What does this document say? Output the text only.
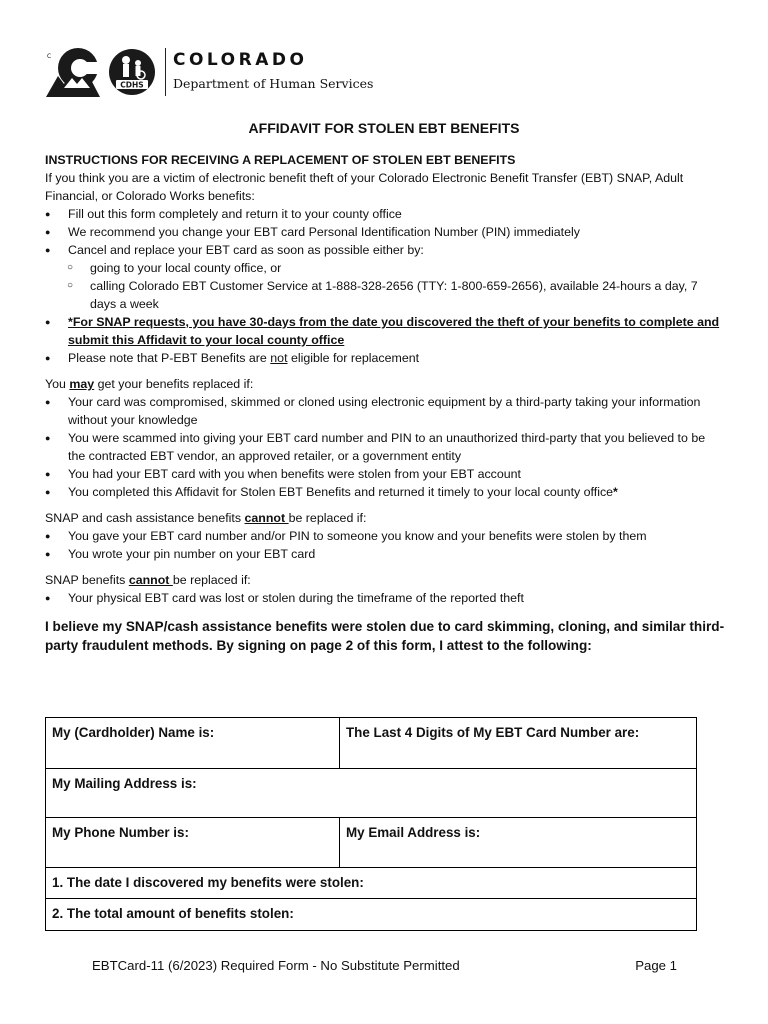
C
CDHS
COLORADO
Department of Human Services
AFFIDAVIT FOR STOLEN EBT BENEFITS

INSTRUCTIONS FOR RECEIVING A REPLACEMENT OF STOLEN EBT BENEFITS

If you think you are a victim of electronic benefit theft of your Colorado Electronic Benefit Transfer (EBT) SNAP, Adult Financial, or Colorado Works benefits:

● Fill out this form completely and return it to your county office
● We recommend you change your EBT card Personal Identification Number (PIN) immediately
● Cancel and replace your EBT card as soon as possible either by:
○ going to your local county office, or
○ calling Colorado EBT Customer Service at 1-888-328-2656 (TTY: 1-800-659-2656), available 24-hours a day, 7 days a week
● *For SNAP requests, you have 30-days from the date you discovered the theft of your benefits to complete and submit this Affidavit to your local county office
● Please note that P-EBT Benefits are not eligible for replacement

You may get your benefits replaced if:

● Your card was compromised, skimmed or cloned using electronic equipment by a third-party taking your information without your knowledge
● You were scammed into giving your EBT card number and PIN to an unauthorized third-party that you believed to be the contracted EBT vendor, an approved retailer, or a government entity
● You had your EBT card with you when benefits were stolen from your EBT account
● You completed this Affidavit for Stolen EBT Benefits and returned it timely to your local county office*

SNAP and cash assistance benefits cannot be replaced if:

● You gave your EBT card number and/or PIN to someone you know and your benefits were stolen by them
● You wrote your pin number on your EBT card

SNAP benefits cannot be replaced if:

● Your physical EBT card was lost or stolen during the timeframe of the reported theft

I believe my SNAP/cash assistance benefits were stolen due to card skimming, cloning, and similar third-party fraudulent methods. By signing on page 2 of this form, I attest to the following:

My (Cardholder) Name is:	The Last 4 Digits of My EBT Card Number are:
My Mailing Address is:	
My Phone Number is:	My Email Address is:
1. The date I discovered my benefits were stolen:	
2. The total amount of benefits stolen:	
EBTCard-11 (6/2023) Required Form - No Substitute Permitted	Page 1
